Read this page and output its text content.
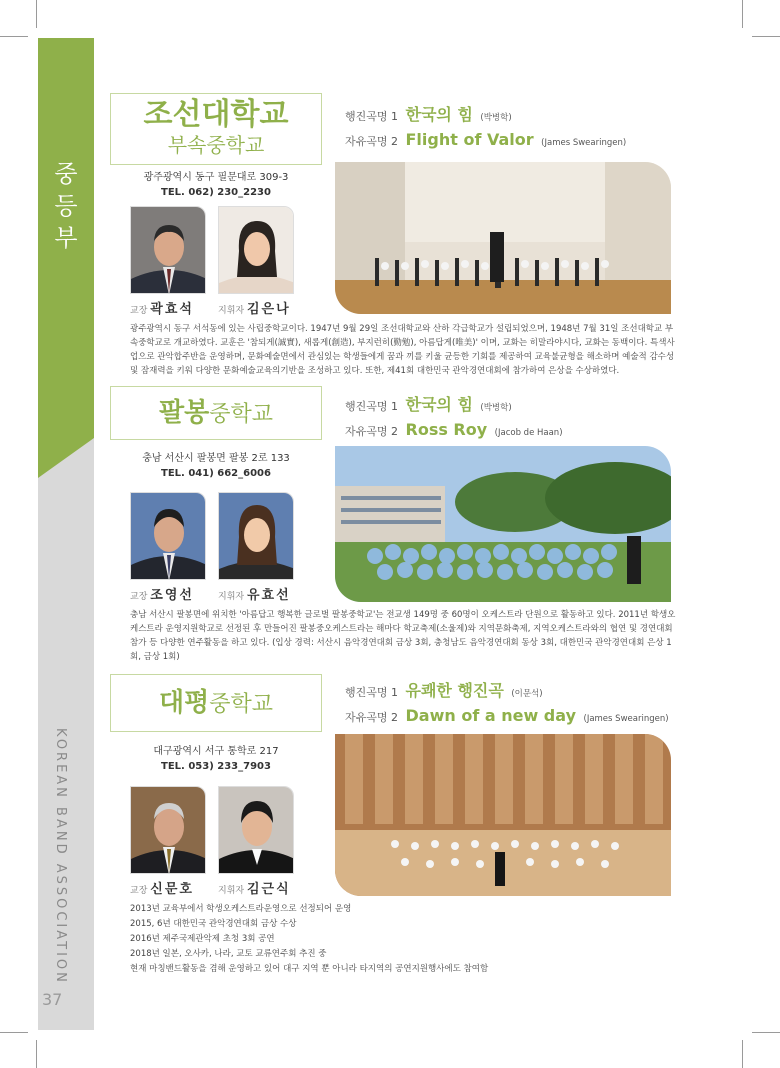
중등부
KOREAN BAND ASSOCIATION
37
조선대학교
부속중학교
광주광역시 동구 필문대로 309-3
TEL. 062) 230_2230
교장 곽효석	지휘자 김은나
행진곡명 1 한국의 힘 (박병학)
자유곡명 2 Flight of Valor (James Swearingen)
광주광역시 동구 서석동에 있는 사립중학교이다. 1947년 9월 29일 조선대학교와 산하 각급학교가 설립되었으며, 1948년 7월 31일 조선대학교 부속중학교로 개교하였다. 교훈은 '참되게(誠實), 새롭게(創造), 부지런히(勤勉), 아름답게(唯美)' 이며, 교화는 히말라야시다, 교화는 동백이다. 특색사업으로 관악합주반을 운영하며, 문화예술면에서 관심있는 학생들에게 꿈과 끼를 키울 균등한 기회를 제공하여 교육불균형을 해소하며 예술적 감수성 및 잠재력을 키워 다양한 문화예술교육의기반을 조성하고 있다. 또한, 제41회 대한민국 관악경연대회에 참가하여 은상을 수상하였다.
팔봉중학교
충남 서산시 팔봉면 팔봉 2로 133
TEL. 041) 662_6006
교장 조영선	지휘자 유효선
행진곡명 1 한국의 힘 (박병학)
자유곡명 2 Ross Roy (Jacob de Haan)
충남 서산시 팔봉면에 위치한 '아름답고 행복한 글로벌 팔봉중학교'는 전교생 149명 중 60명이 오케스트라 단원으로 활동하고 있다. 2011년 학생오케스트라 운영지원학교로 선정된 후 만들어진 팔봉중오케스트라는 해마다 학교축제(소울제)와 지역문화축제, 지역오케스트라와의 협연 및 경연대회 참가 등 다양한 연주활동을 하고 있다. (입상 경력: 서산시 음악경연대회 금상 3회, 충청남도 음악경연대회 동상 3회, 대한민국 관악경연대회 은상 1회, 금상 1회)
대평중학교
대구광역시 서구 통학로 217
TEL. 053) 233_7903
교장 신문호	지휘자 김근식
행진곡명 1 유쾌한 행진곡 (이문석)
자유곡명 2 Dawn of a new day (James Swearingen)
2013년 교육부에서 학생오케스트라운영으로 선정되어 운영
2015, 6년 대한민국 관악경연대회 금상 수상
2016년 제주국제관악제 초청 3회 공연
2018년 일본, 오사카, 나라, 교토 교류연주회 추진 중
현재 마칭밴드활동을 겸해 운영하고 있어 대구 지역 뿐 아니라 타지역의 공연지원행사에도 참여함
